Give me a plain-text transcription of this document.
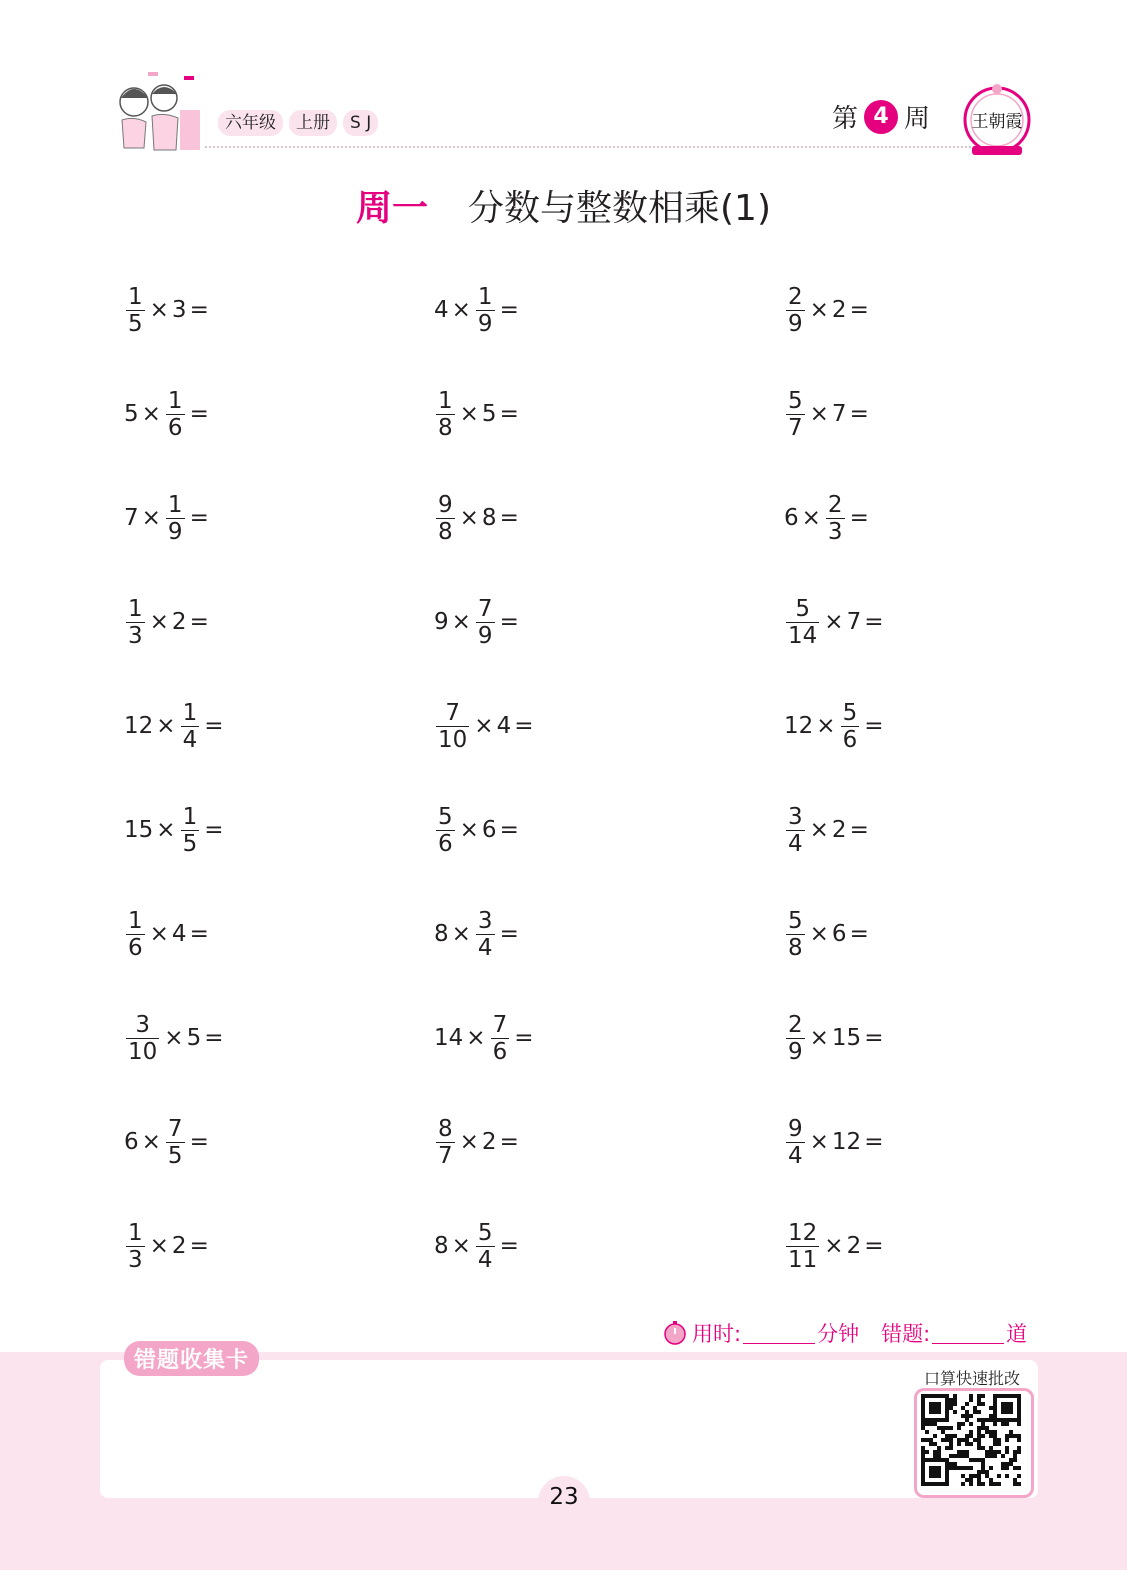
六年级	上册	S J	第 4 周 王朝霞
周一 分数与整数相乘(1)
$\frac{1}{5} \times 3$ =	$4 \times \frac{1}{9}$ =	$\frac{2}{9} \times 2$ =
$5 \times \frac{1}{6}$ =	$\frac{1}{8} \times 5$ =	$\frac{5}{7} \times 7$ =
$7 \times \frac{1}{9}$ =	$\frac{9}{8} \times 8$ =	$6 \times \frac{2}{3}$ =
$\frac{1}{3} \times 2$ =	$9 \times \frac{7}{9}$ =	$\frac{5}{14} \times 7$ =
$12 \times \frac{1}{4}$ =	$\frac{7}{10} \times 4$ =	$12 \times \frac{5}{6}$ =
$15 \times \frac{1}{5}$ =	$\frac{5}{6} \times 6$ =	$\frac{3}{4} \times 2$ =
$\frac{1}{6} \times 4$ =	$8 \times \frac{3}{4}$ =	$\frac{5}{8} \times 6$ =
$\frac{3}{10} \times 5$ =	$14 \times \frac{7}{6}$ =	$\frac{2}{9} \times 15$ =
$6 \times \frac{7}{5}$ =	$\frac{8}{7} \times 2$ =	$\frac{9}{4} \times 12$ =
$\frac{1}{3} \times 2$ =	$8 \times \frac{5}{4}$ =	$\frac{12}{11} \times 2$ =
用时:	分钟 错题:	道
错题收集卡
口算快速批改
23
